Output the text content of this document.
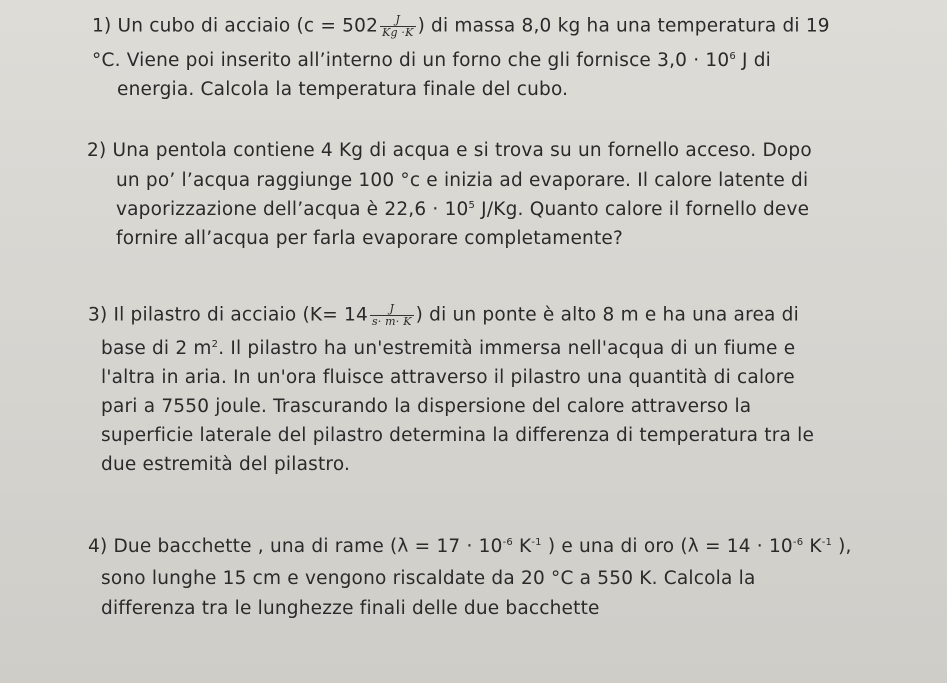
1) Un cubo di acciaio ($c = 502 \frac{J}{Kg \cdot K}$ ) di massa 8,0 kg ha una temperatura di 19
°C. Viene poi inserito all’interno di un forno che gli fornisce $3,0 \cdot 10^6$ J di
energia. Calcola la temperatura finale del cubo.
2) Una pentola contiene 4 Kg di acqua e si trova su un fornello acceso. Dopo
un po’ l’acqua raggiunge 100 °c e inizia ad evaporare. Il calore latente di
vaporizzazione dell’acqua è $22,6 \cdot 10^5$ J/Kg. Quanto calore il fornello deve
fornire all’acqua per farla evaporare completamente?
3) Il pilastro di acciaio ($K= 14 \frac{J}{s\cdot m\cdot K}$ ) di un ponte è alto 8 m e ha una area di
base di 2 $m^2$. Il pilastro ha un'estremità immersa nell'acqua di un fiume e
l'altra in aria. In un'ora fluisce attraverso il pilastro una quantità di calore
pari a 7550 joule. Trascurando la dispersione del calore attraverso la
superficie laterale del pilastro determina la differenza di temperatura tra le
due estremità del pilastro.
4) Due bacchette , una di rame ($\lambda = 17 \cdot 10^{-6}$ $K^{-1}$ ) e una di oro ($\lambda = 14 \cdot 10^{-6}$ $K^{-1}$ ),
sono lunghe 15 cm e vengono riscaldate da 20 °C a 550 K. Calcola la
differenza tra le lunghezze finali delle due bacchette
